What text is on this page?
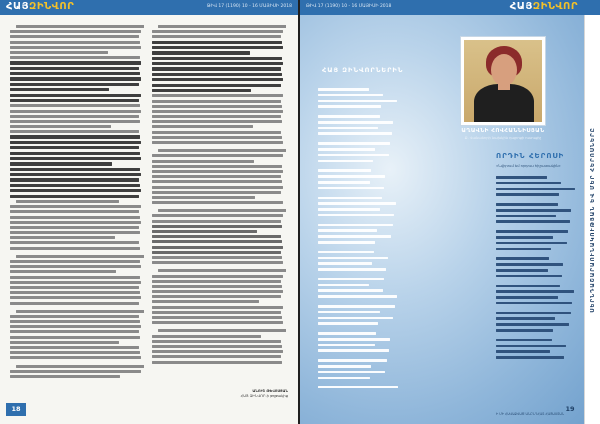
ՀԱՅԶԻՆՎՈՐ	ԹԻՎ 17 (1190) 10 - 16 ՄԱՅԻՍԻ 2018
ԱՆՈՒՇ ԹԵՎՈՍՅԱՆ
ՀԱՅ ԶԻՆՎՈՐ-ի թղթակից
18
ԹԻՎ 17 (1190) 10 - 16 ՄԱՅԻՍԻ 2018	ՀԱՅԶԻՆՎՈՐ
ՀԱՅ ԶԻՆՎՈՐՆԵՐԻՆ
ԱՂԱՎՆԻ ՀՈՎՀԱՆՆԻՍՅԱՆ
Ք. Վանաձորի նախկին դպրոցի ուսուցիչ
ՈՐԴԻՆ ՀԵՐՈՍԻ
«Նվիրում եմ որդուս հիշատակին»
Ի ՄԻ ՀԱՎԱՔՎԱԾ ԱՆԸՆԴՀԱՏ ՀԱՅԱՍՏԱՆ
19
ՍԵՐՆԴԱՇԱՐԱՈՒՆԱԿՈՒԹՅԱՆ ԵՎ ՄԵՐ ՀԵՐՈՍՆԵՐԸ
